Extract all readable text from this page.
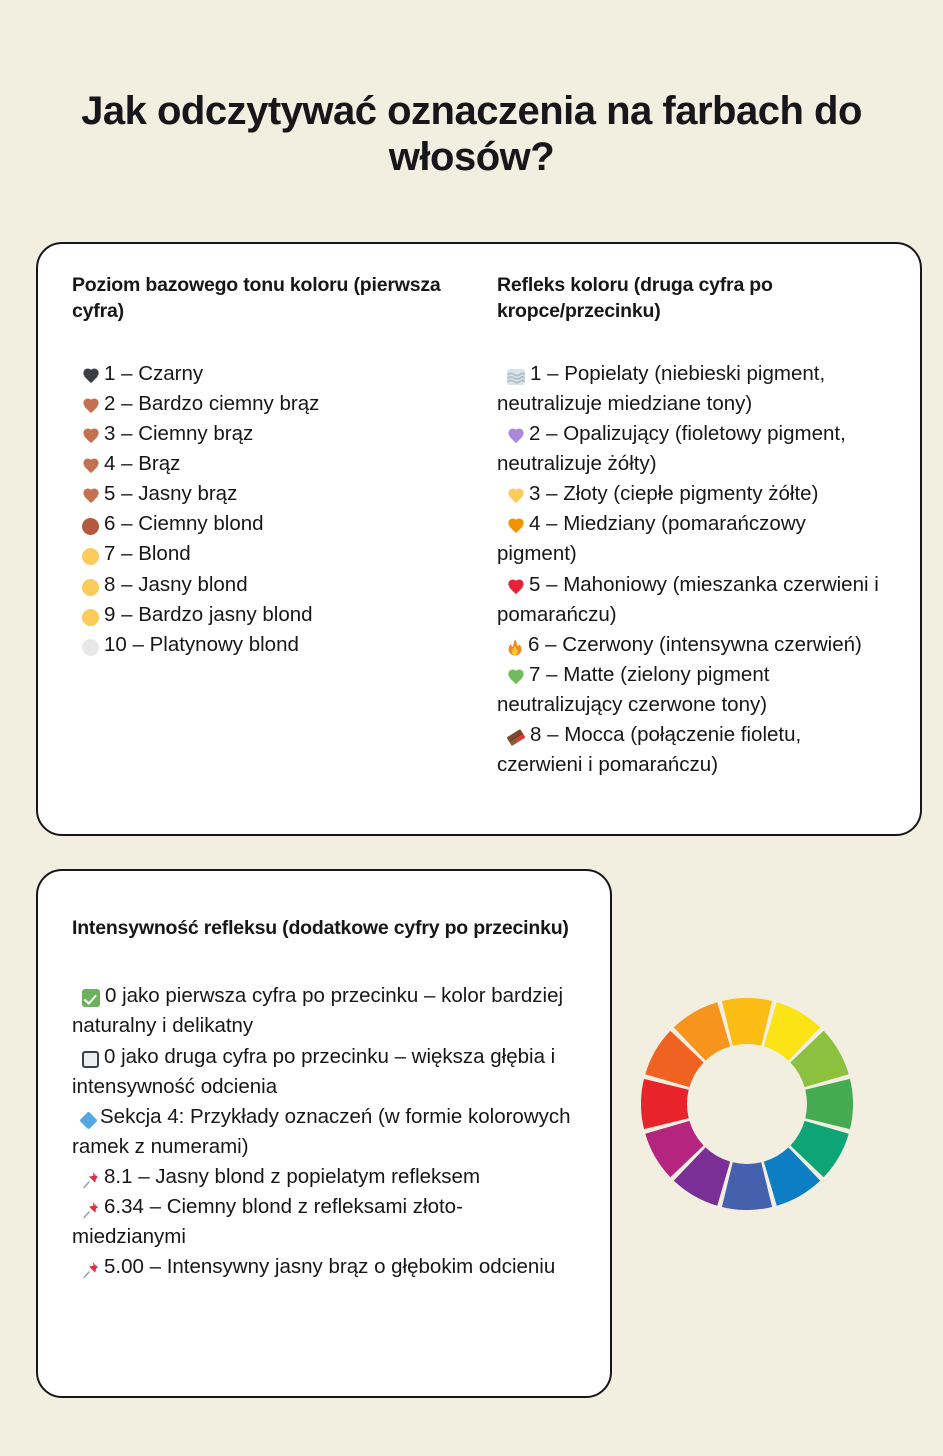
Jak odczytywać oznaczenia na farbach do włosów?
Poziom bazowego tonu koloru (pierwsza cyfra)
1 – Czarny
2 – Bardzo ciemny brąz
3 – Ciemny brąz
4 – Brąz
5 – Jasny brąz
6 – Ciemny blond
7 – Blond
8 – Jasny blond
9 – Bardzo jasny blond
10 – Platynowy blond
Refleks koloru (druga cyfra po kropce/przecinku)
1 – Popielaty (niebieski pigment, neutralizuje miedziane tony)
2 – Opalizujący (fioletowy pigment, neutralizuje żółty)
3 – Złoty (ciepłe pigmenty żółte)
4 – Miedziany (pomarańczowy pigment)
5 – Mahoniowy (mieszanka czerwieni i pomarańczu)
6 – Czerwony (intensywna czerwień)
7 – Matte (zielony pigment neutralizujący czerwone tony)
8 – Mocca (połączenie fioletu, czerwieni i pomarańczu)
Intensywność refleksu (dodatkowe cyfry po przecinku)
0 jako pierwsza cyfra po przecinku – kolor bardziej naturalny i delikatny
0 jako druga cyfra po przecinku – większa głębia i intensywność odcienia
Sekcja 4: Przykłady oznaczeń (w formie kolorowych ramek z numerami)
8.1 – Jasny blond z popielatym refleksem
6.34 – Ciemny blond z refleksami złoto-miedzianymi
5.00 – Intensywny jasny brąz o głębokim odcieniu
